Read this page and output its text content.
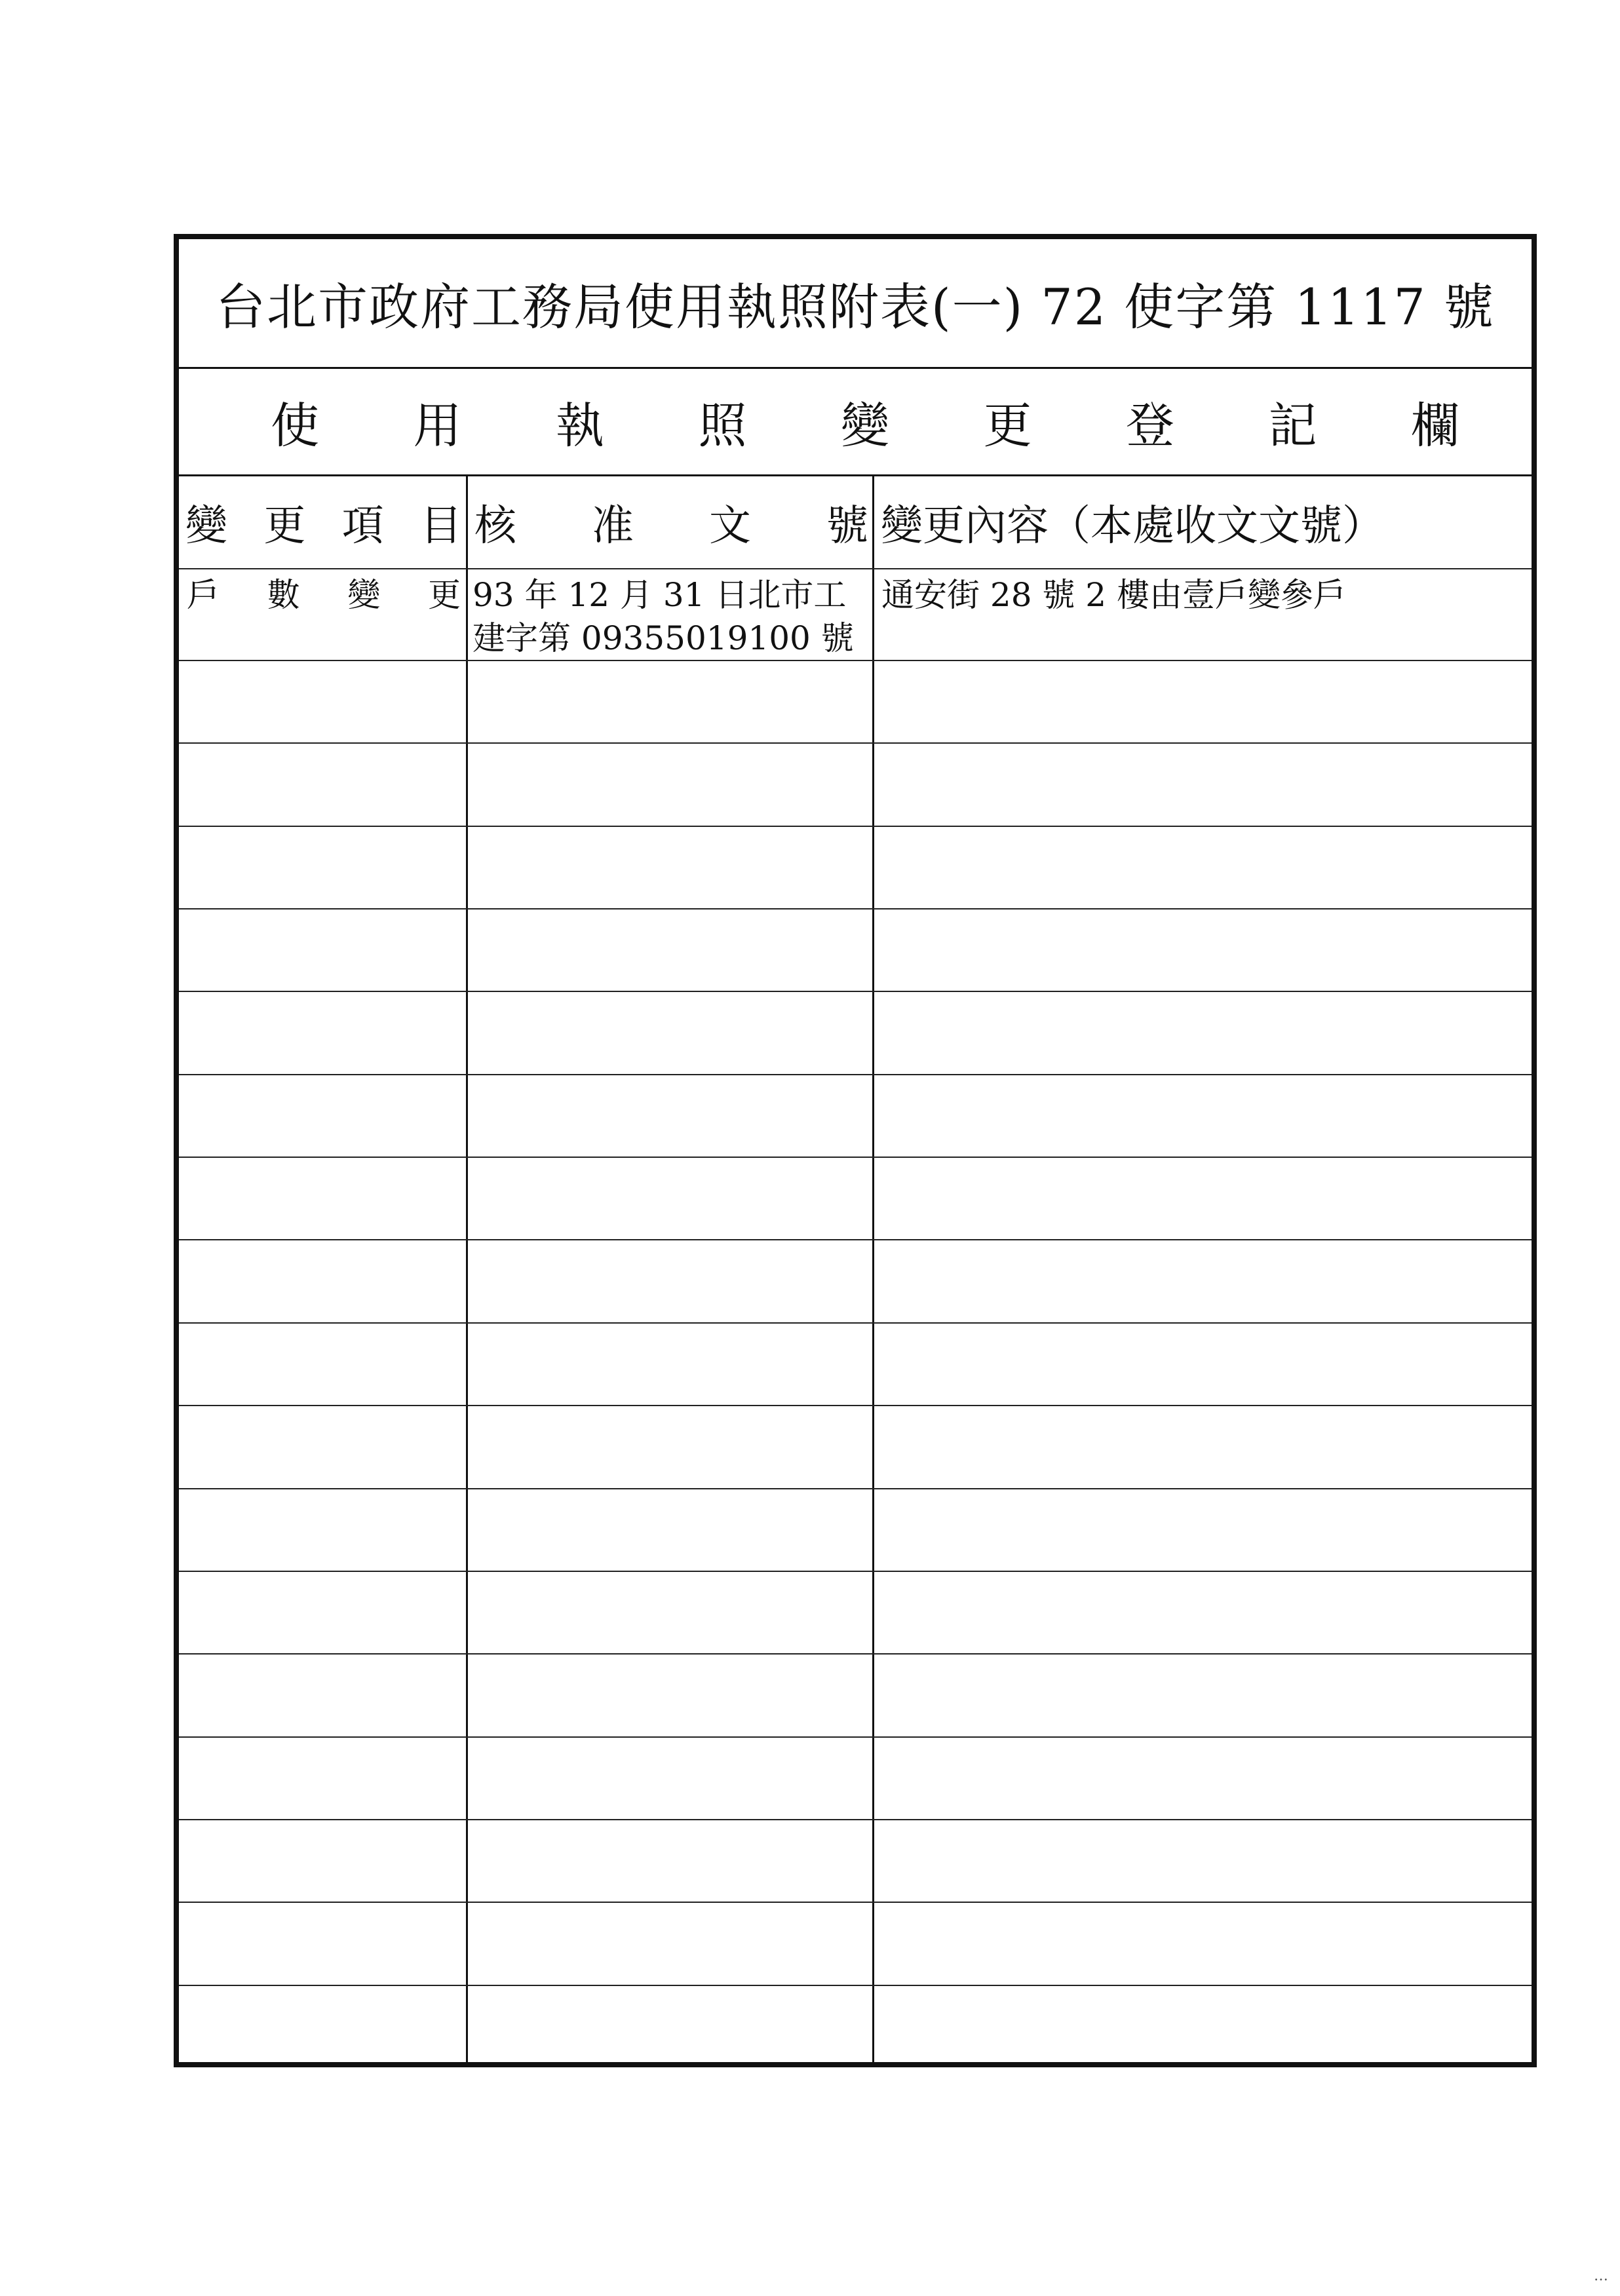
台北市政府工務局使用執照附表(一) 72 使字第 1117 號
使 用 執 照 變 更 登 記 欄
變 更 項 目 核 准 文 號 變更內容（本處收文文號）
戶 數 變 更 93 年 12 月 31 日北市工
建字第 09355019100 號
通安街 28 號 2 樓由壹戶變參戶
…
